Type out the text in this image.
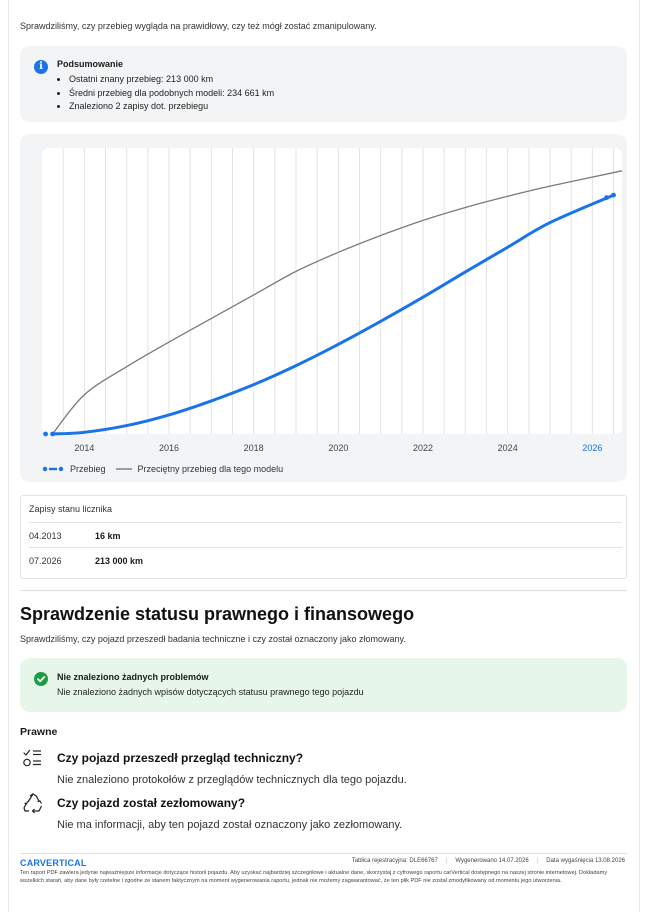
Sprawdziliśmy, czy przebieg wygląda na prawidłowy, czy też mógł zostać zmanipulowany.
i	Podsumowanie
• Ostatni znany przebieg: 213 000 km
• Średni przebieg dla podobnych modeli: 234 661 km
• Znaleziono 2 zapisy dot. przebiegu
2014	2016	2018	2020	2022	2024	2026
Przebieg	Przeciętny przebieg dla tego modelu
Zapisy stanu licznika
04.2013	16 km
07.2026	213 000 km
Sprawdzenie statusu prawnego i finansowego
Sprawdziliśmy, czy pojazd przeszedł badania techniczne i czy został oznaczony jako złomowany.
Nie znaleziono żadnych problemów
Nie znaleziono żadnych wpisów dotyczących statusu prawnego tego pojazdu
Prawne
Czy pojazd przeszedł przegląd techniczny?
Nie znaleziono protokołów z przeglądów technicznych dla tego pojazdu.
Czy pojazd został zezłomowany?
Nie ma informacji, aby ten pojazd został oznaczony jako zezłomowany.
CARVERTICAL	Tablica rejestracyjna: DLE66767 | Wygenerowano 14.07.2026 | Data wygaśnięcia 13.08.2026
Ten raport PDF zawiera jedynie najważniejsze informacje dotyczące historii pojazdu. Aby uzyskać najbardziej szczegółowe i aktualne dane, skorzystaj z cyfrowego raportu carVertical dostępnego na naszej stronie internetowej. Dokładamy wszelkich starań, aby dane były rzetelne i zgodne ze stanem faktycznym na moment wygenerowania raportu, jednak nie możemy zagwarantować, że ten plik PDF nie został zmodyfikowany od momentu jego utworzenia.
